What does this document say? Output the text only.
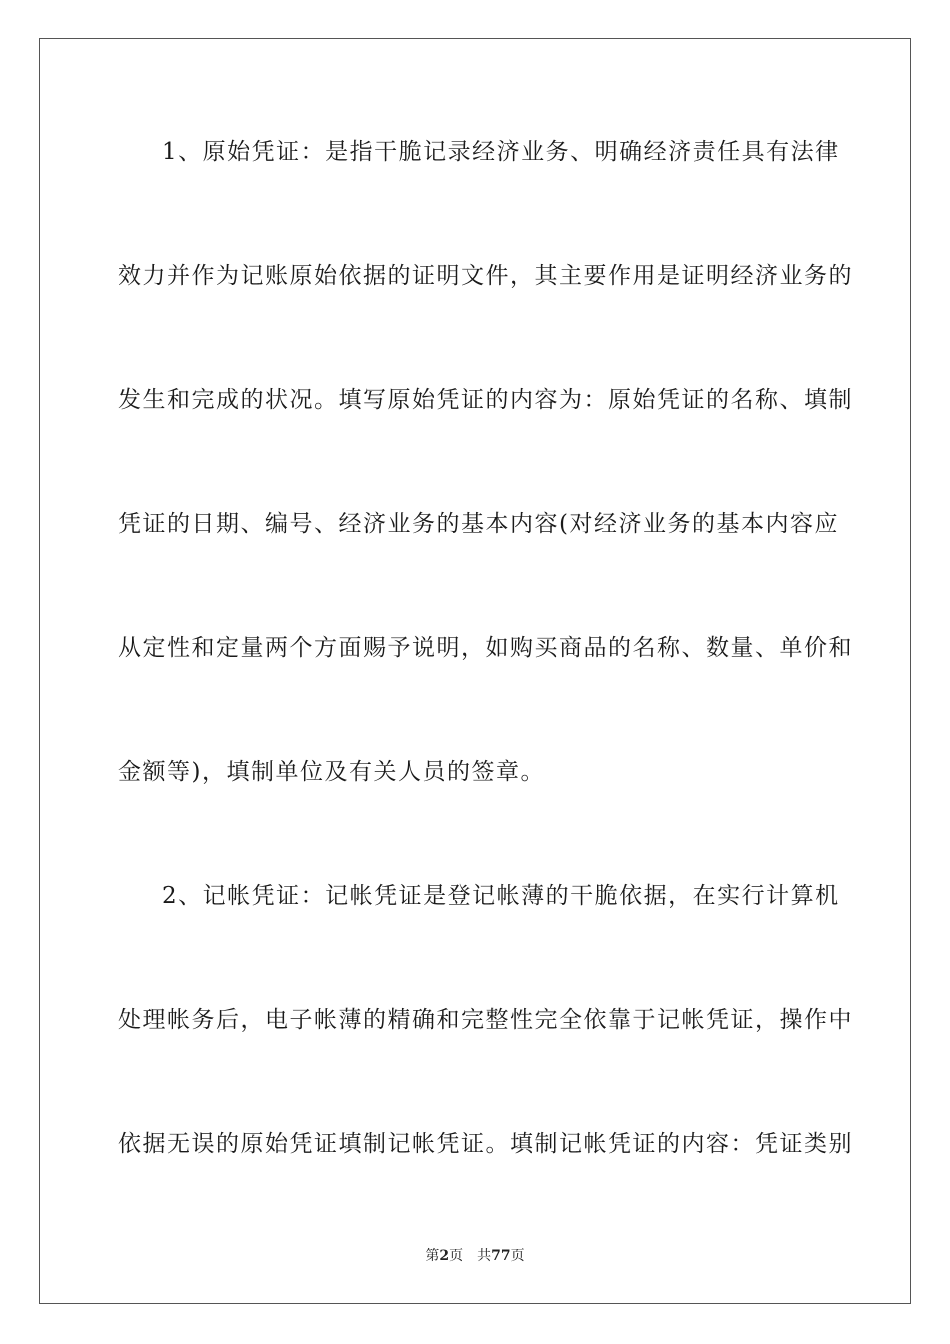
1、原始凭证：是指干脆记录经济业务、明确经济责任具有法律
效力并作为记账原始依据的证明文件，其主要作用是证明经济业务的
发生和完成的状况。填写原始凭证的内容为：原始凭证的名称、填制
凭证的日期、编号、经济业务的基本内容(对经济业务的基本内容应
从定性和定量两个方面赐予说明，如购买商品的名称、数量、单价和
金额等)，填制单位及有关人员的签章。
2、记帐凭证：记帐凭证是登记帐薄的干脆依据，在实行计算机
处理帐务后，电子帐薄的精确和完整性完全依靠于记帐凭证，操作中
依据无误的原始凭证填制记帐凭证。填制记帐凭证的内容：凭证类别
第2页 共77页
